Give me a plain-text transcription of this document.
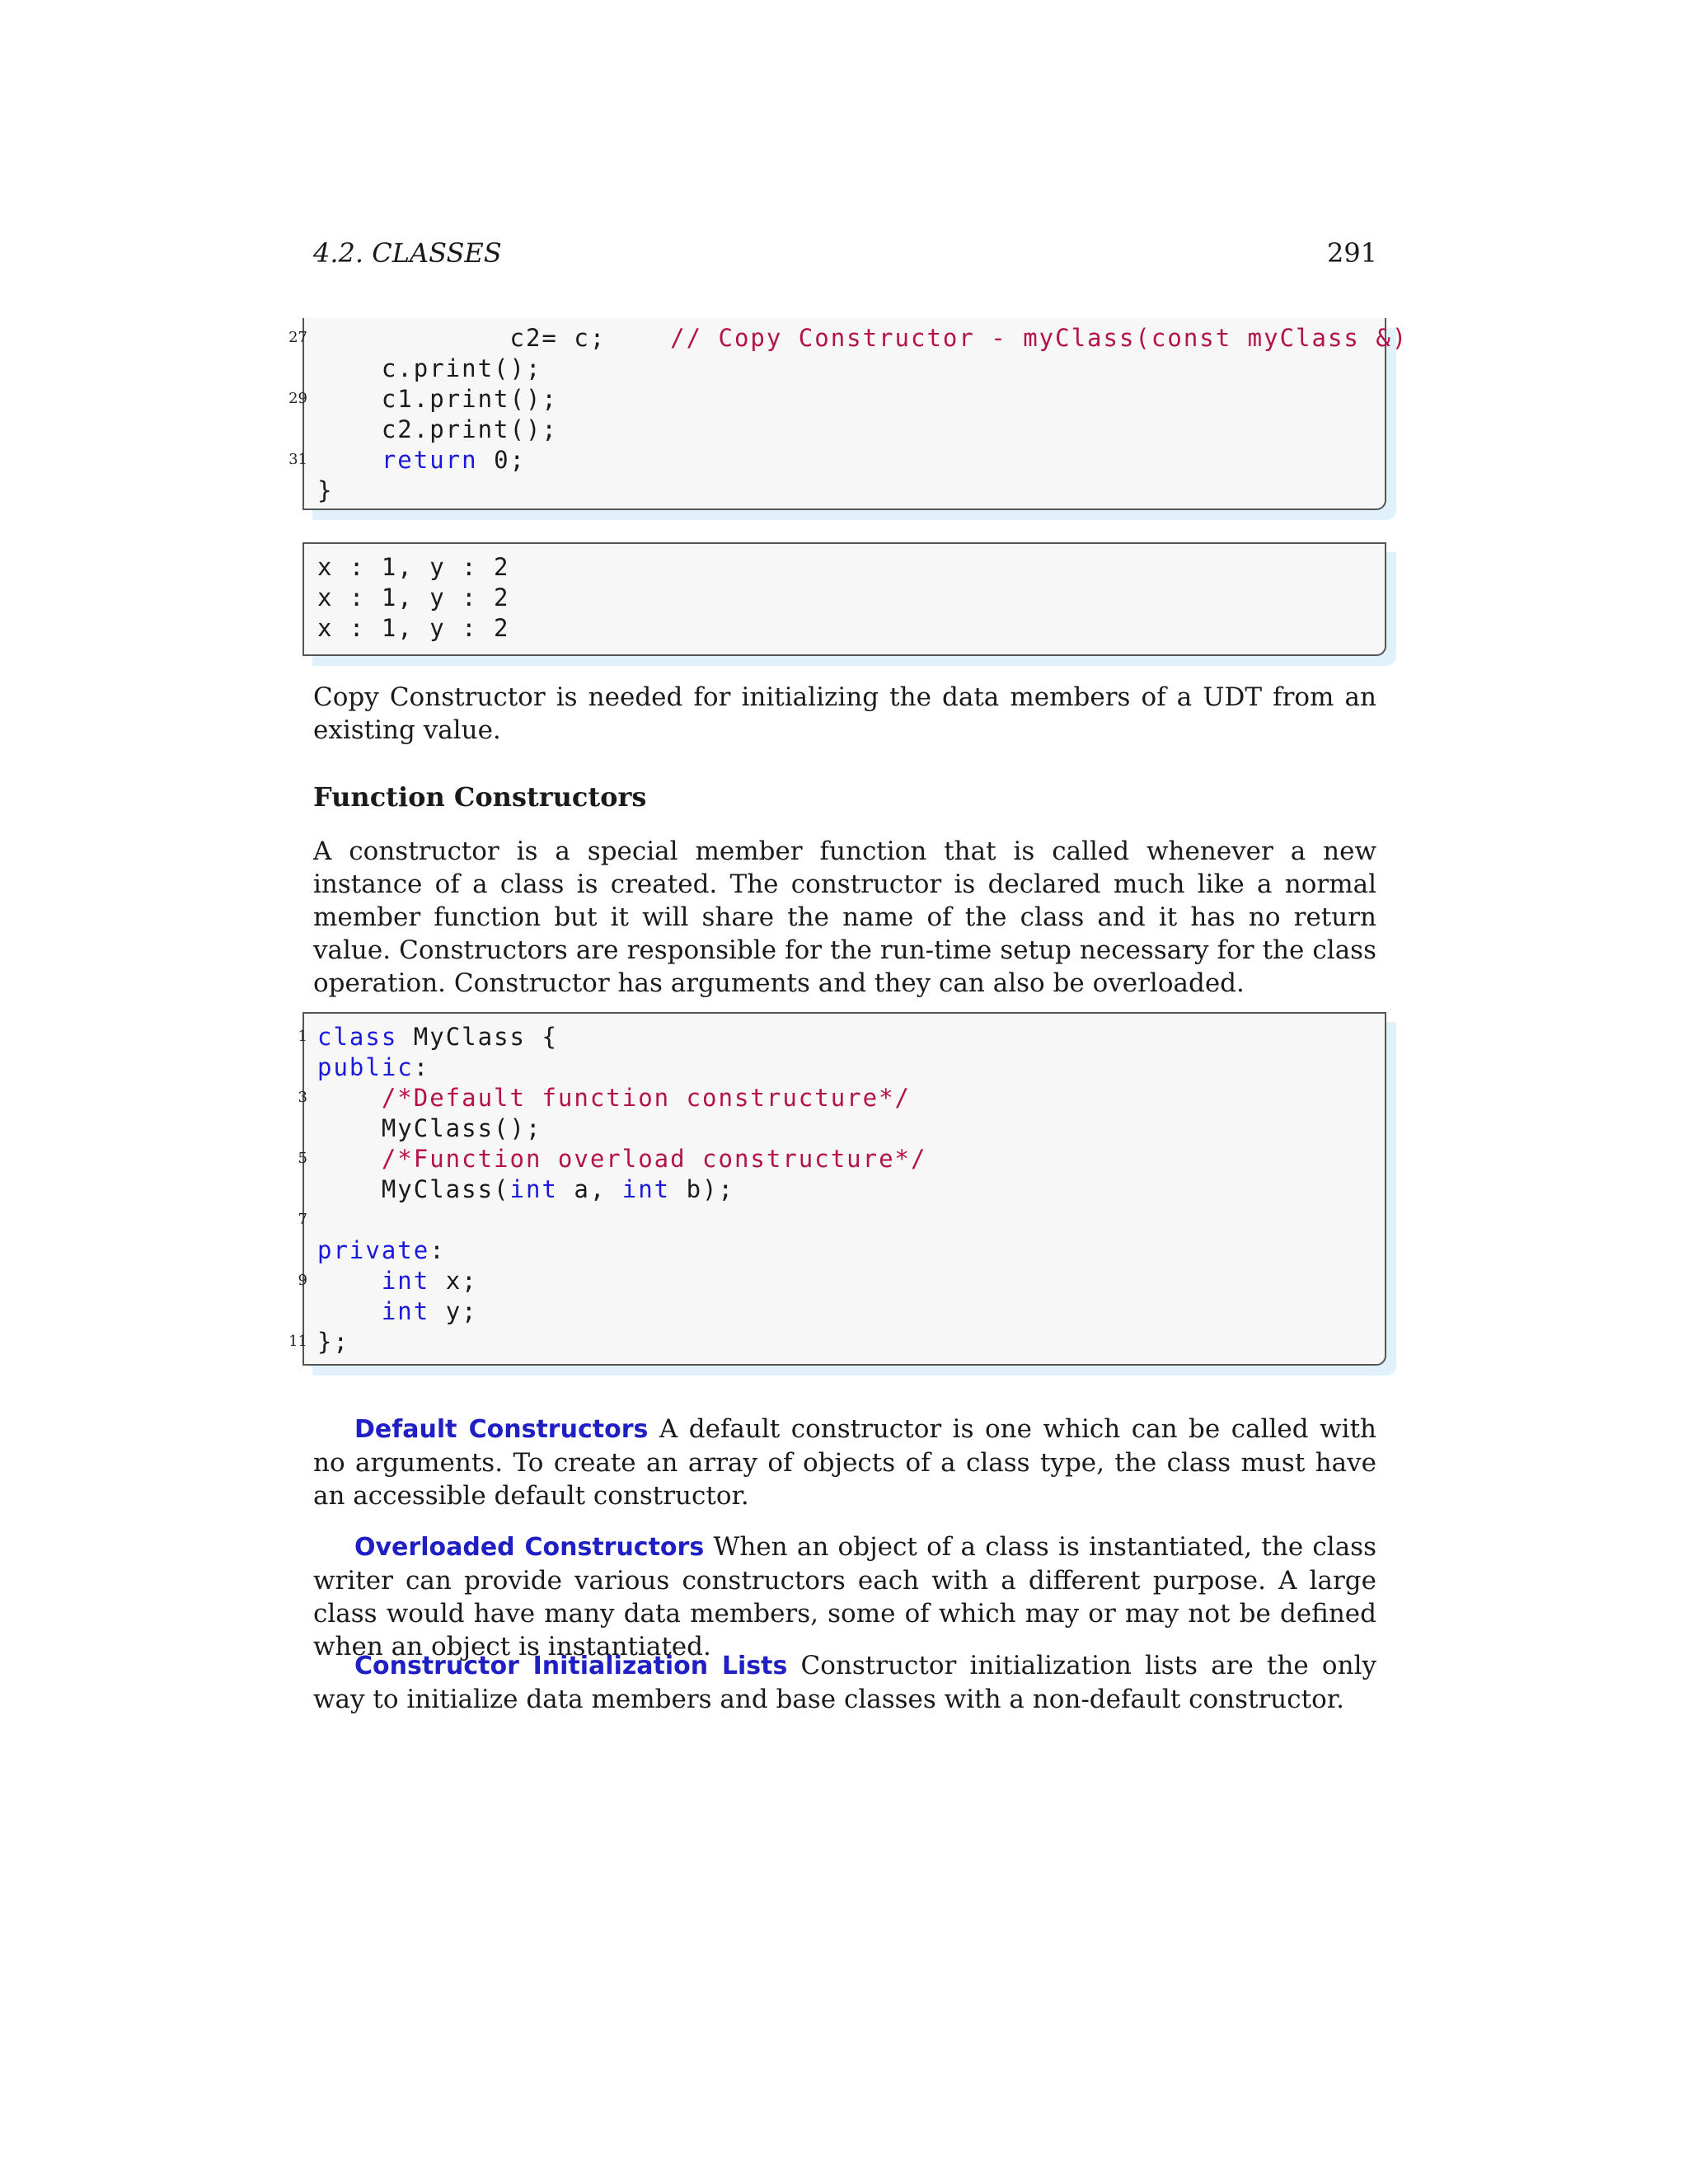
4.2. CLASSES	291
27 c2= c;    // Copy Constructor - myClass(const myClass &)
c.print();
29 c1.print();
c2.print();
31	return 0;
}
x : 1, y : 2
x : 1, y : 2
x : 1, y : 2
Copy Constructor is needed for initializing the data members of a UDT from an existing value.
Function Constructors
A constructor is a special member function that is called whenever a new instance of a class is created. The constructor is declared much like a normal member function but it will share the name of the class and it has no return value. Constructors are responsible for the run-time setup necessary for the class operation. Constructor has arguments and they can also be overloaded.
1 class MyClass {
public:
3	/*Default function constructure*/
MyClass();
5	/*Function overload constructure*/
MyClass(int a, int b);
7
private:
9	int x;
int y;
11 };
Default Constructors A default constructor is one which can be called with no arguments. To create an array of objects of a class type, the class must have an accessible default constructor.
Overloaded Constructors When an object of a class is instantiated, the class writer can provide various constructors each with a different purpose. A large class would have many data members, some of which may or may not be defined when an object is instantiated.
Constructor Initialization Lists Constructor initialization lists are the only way to initialize data members and base classes with a non-default constructor.
